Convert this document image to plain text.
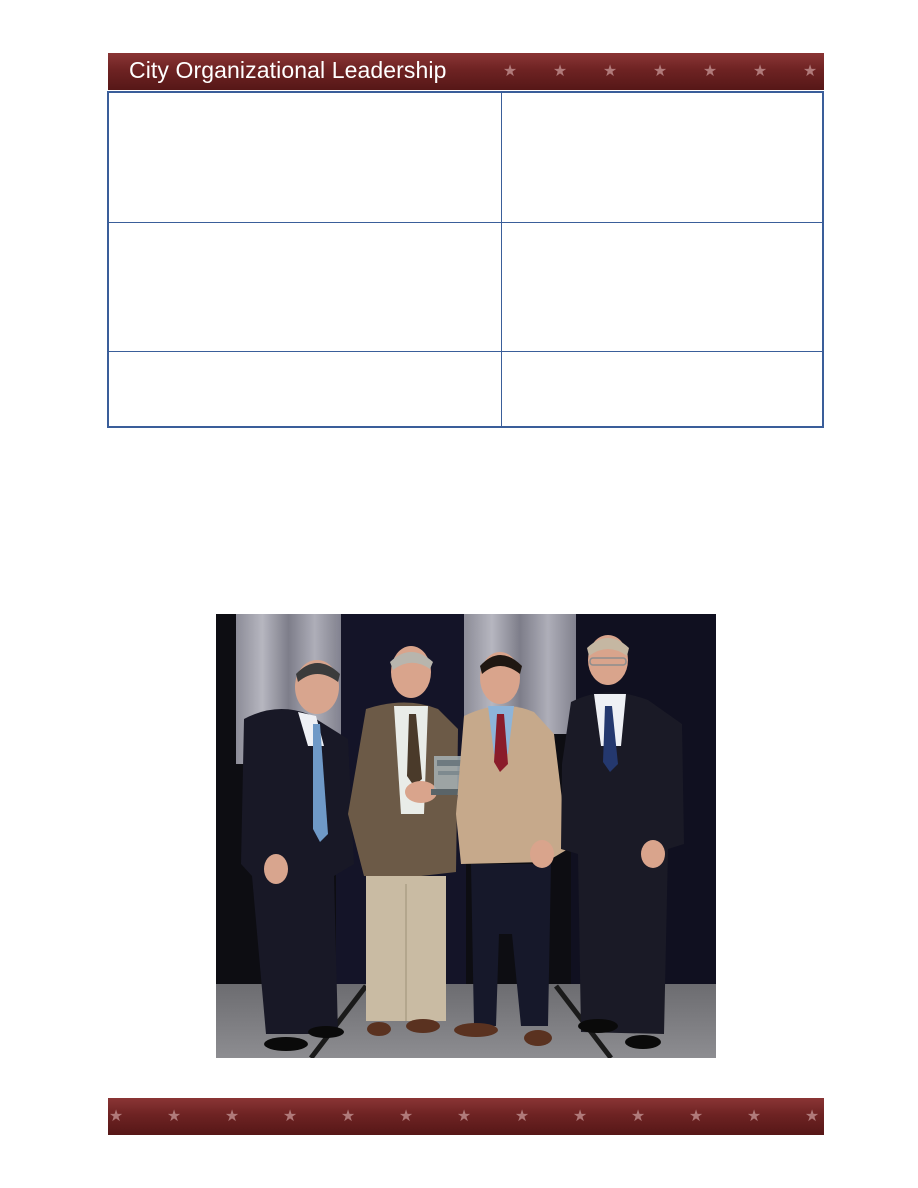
City Organizational Leadership	★ ★ ★ ★ ★ ★ ★

★	★	★	★	★	★	★	★	★	★	★	★	★
